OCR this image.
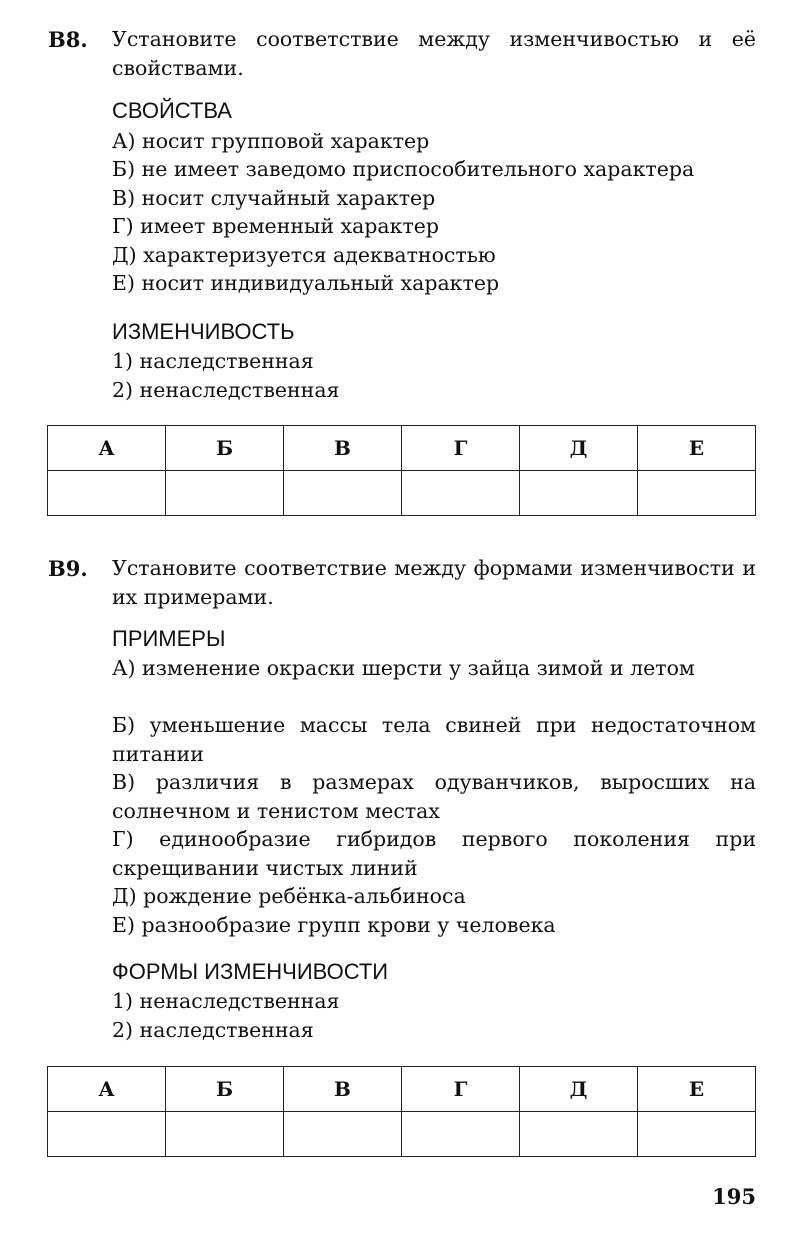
В8. Установите соответствие между изменчивостью и её свойствами.
СВОЙСТВА
А) носит групповой характер
Б) не имеет заведомо приспособительного характера
В) носит случайный характер
Г) имеет временный характер
Д) характеризуется адекватностью
Е) носит индивидуальный характер
ИЗМЕНЧИВОСТЬ
1) наследственная
2) ненаследственная
А	Б	В	Г	Д	Е

В9. Установите соответствие между формами изменчивости и их примерами.
ПРИМЕРЫ
А) изменение окраски шерсти у зайца зимой и летом
Б) уменьшение массы тела свиней при недостаточном питании
В) различия в размерах одуванчиков, выросших на солнечном и тенистом местах
Г) единообразие гибридов первого поколения при скрещивании чистых линий
Д) рождение ребёнка-альбиноса
Е) разнообразие групп крови у человека
ФОРМЫ ИЗМЕНЧИВОСТИ
1) ненаследственная
2) наследственная
А	Б	В	Г	Д	Е

195
